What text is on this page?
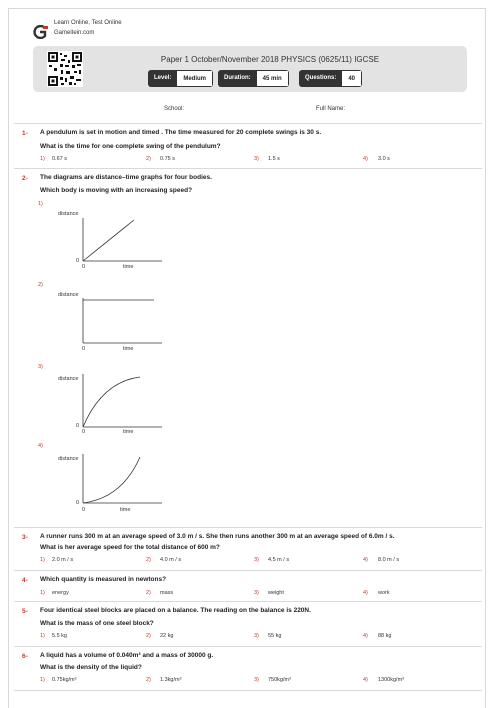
Learn Online, Test Online
Gameitein.com
Paper 1 October/November 2018 PHYSICS (0625/11) IGCSE
Level:	Medium	Duration:	45 min	Questions:	40
School:	Full Name:
1- A pendulum is set in motion and timed . The time measured for 20 complete swings is 30 s.
What is the time for one complete swing of the pendulum?
1) 0.67 s	2) 0.75 s	3) 1.5 s	4) 3.0 s
2- The diagrams are distance–time graphs for four bodies.
Which body is moving with an increasing speed?
1)
distance
0
0	time
2)
distance
0	time
3)
distance
0
0	time
4)
distance
0
0	time
3- A runner runs 300 m at an average speed of 3.0 m / s. She then runs another 300 m at an average speed of 6.0m / s.
What is her average speed for the total distance of 600 m?
1) 2.0 m / s	2) 4.0 m / s	3) 4.5 m / s	4) 8.0 m / s
4- Which quantity is measured in newtons?
1) energy	2) mass	3) weight	4) work
5- Four identical steel blocks are placed on a balance. The reading on the balance is 220N.
What is the mass of one steel block?
1) 5.5 kg	2) 22 kg	3) 55 kg	4) 88 kg
6- A liquid has a volume of 0.040m³ and a mass of 30000 g.
What is the density of the liquid?
1) 0.75kg/m³	2) 1.3kg/m³	3) 750kg/m³	4) 1300kg/m³
